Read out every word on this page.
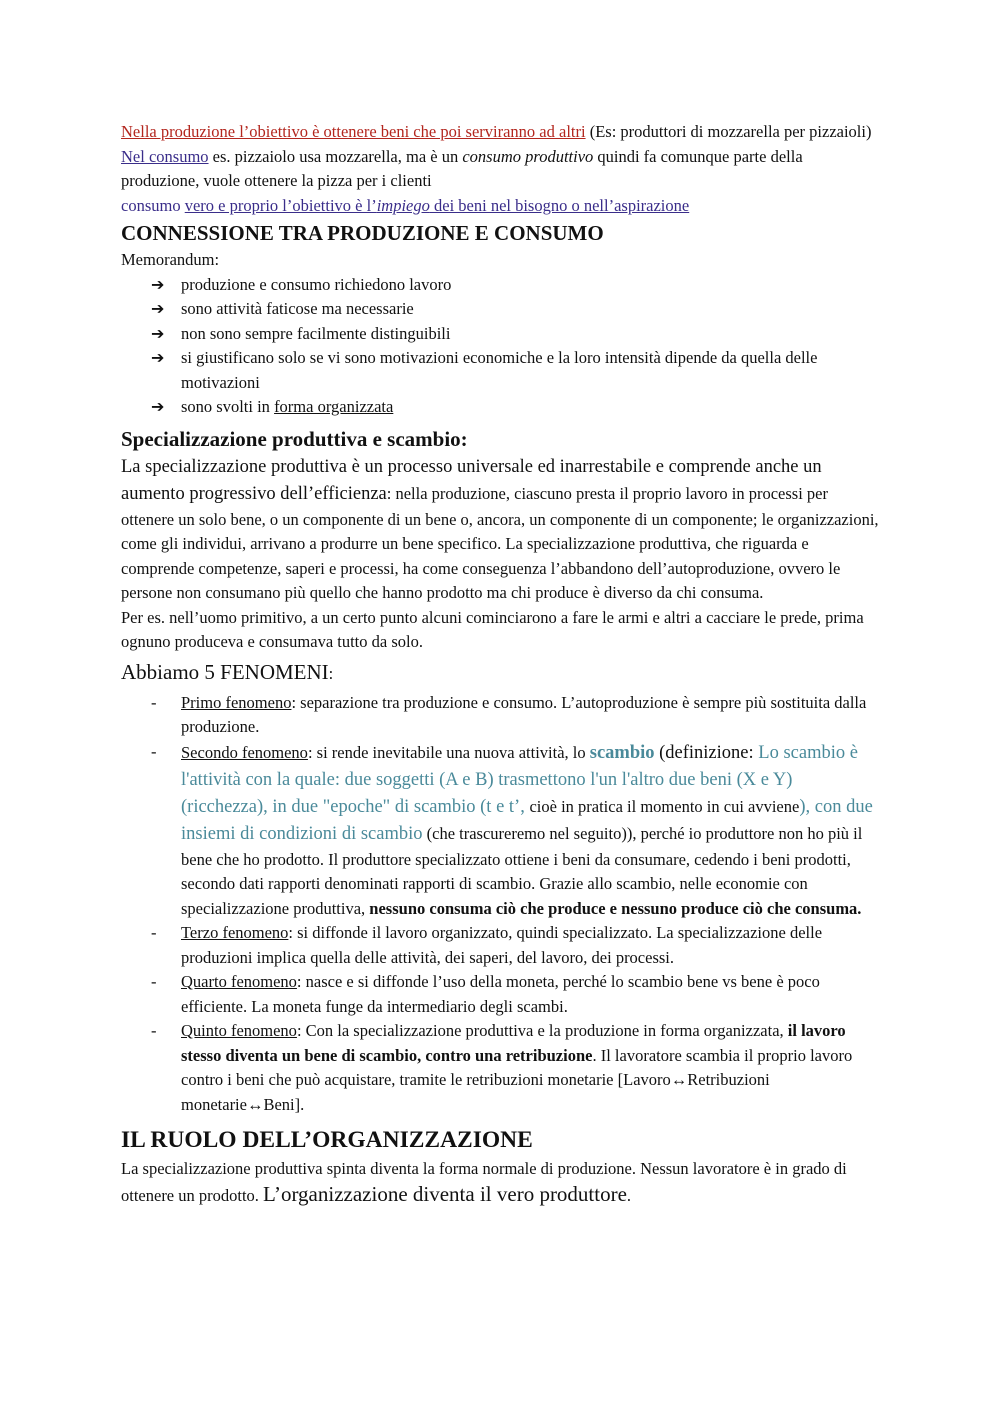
Nella produzione l’obiettivo è ottenere beni che poi serviranno ad altri (Es: produttori di mozzarella per pizzaioli)

Nel consumo es. pizzaiolo usa mozzarella, ma è un consumo produttivo quindi fa comunque parte della produzione, vuole ottenere la pizza per i clienti

consumo vero e proprio l’obiettivo è l’impiego dei beni nel bisogno o nell’aspirazione

CONNESSIONE TRA PRODUZIONE E CONSUMO

Memorandum:

➔ produzione e consumo richiedono lavoro
➔ sono attività faticose ma necessarie
➔ non sono sempre facilmente distinguibili
➔ si giustificano solo se vi sono motivazioni economiche e la loro intensità dipende da quella delle motivazioni
➔ sono svolti in forma organizzata
Specializzazione produttiva e scambio:

La specializzazione produttiva è un processo universale ed inarrestabile e comprende anche un aumento progressivo dell’efficienza: nella produzione, ciascuno presta il proprio lavoro in processi per ottenere un solo bene, o un componente di un bene o, ancora, un componente di un componente; le organizzazioni, come gli individui, arrivano a produrre un bene specifico. La specializzazione produttiva, che riguarda e comprende competenze, saperi e processi, ha come conseguenza l’abbandono dell’autoproduzione, ovvero le persone non consumano più quello che hanno prodotto ma chi produce è diverso da chi consuma.

Per es. nell’uomo primitivo, a un certo punto alcuni cominciarono a fare le armi e altri a cacciare le prede, prima ognuno produceva e consumava tutto da solo.

Abbiamo 5 FENOMENI:

- Primo fenomeno: separazione tra produzione e consumo. L’autoproduzione è sempre più sostituita dalla produzione.
- Secondo fenomeno: si rende inevitabile una nuova attività, lo scambio (definizione: Lo scambio è l'attività con la quale: due soggetti (A e B) trasmettono l'un l'altro due beni (X e Y) (ricchezza), in due "epoche" di scambio (t e t’, cioè in pratica il momento in cui avviene), con due insiemi di condizioni di scambio (che trascureremo nel seguito)), perché io produttore non ho più il bene che ho prodotto. Il produttore specializzato ottiene i beni da consumare, cedendo i beni prodotti, secondo dati rapporti denominati rapporti di scambio. Grazie allo scambio, nelle economie con specializzazione produttiva, nessuno consuma ciò che produce e nessuno produce ciò che consuma.
- Terzo fenomeno: si diffonde il lavoro organizzato, quindi specializzato. La specializzazione delle produzioni implica quella delle attività, dei saperi, del lavoro, dei processi.
- Quarto fenomeno: nasce e si diffonde l’uso della moneta, perché lo scambio bene vs bene è poco efficiente. La moneta funge da intermediario degli scambi.
- Quinto fenomeno: Con la specializzazione produttiva e la produzione in forma organizzata, il lavoro stesso diventa un bene di scambio, contro una retribuzione. Il lavoratore scambia il proprio lavoro contro i beni che può acquistare, tramite le retribuzioni monetarie [Lavoro↔Retribuzioni monetarie↔Beni].
IL RUOLO DELL’ORGANIZZAZIONE

La specializzazione produttiva spinta diventa la forma normale di produzione. Nessun lavoratore è in grado di ottenere un prodotto. L’organizzazione diventa il vero produttore.
